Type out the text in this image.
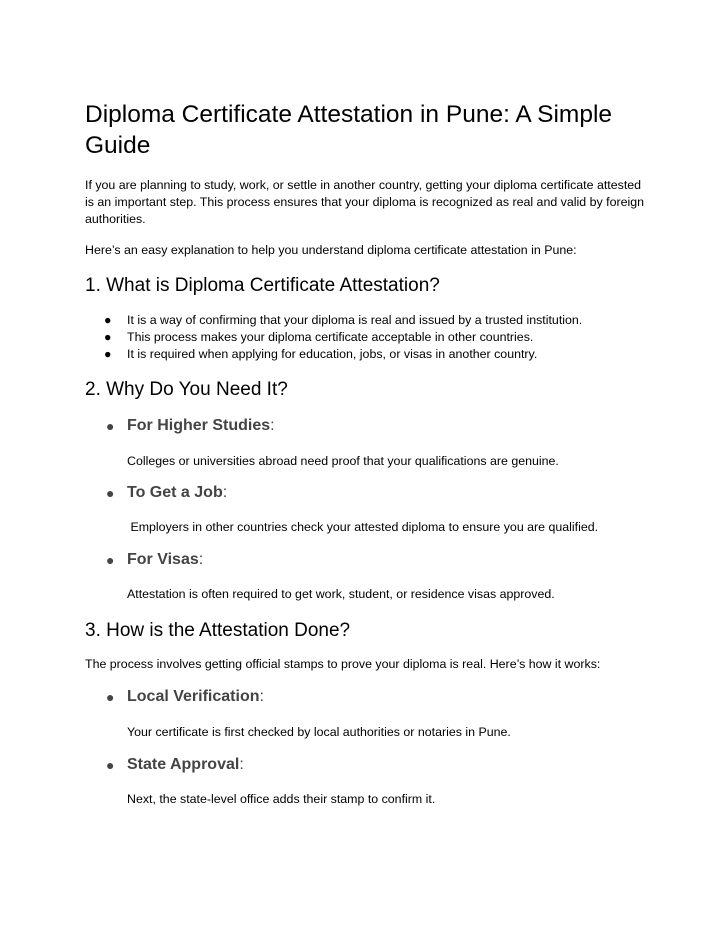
Diploma Certificate Attestation in Pune: A Simple Guide

If you are planning to study, work, or settle in another country, getting your diploma certificate attested is an important step. This process ensures that your diploma is recognized as real and valid by foreign authorities.

Here’s an easy explanation to help you understand diploma certificate attestation in Pune:

1. What is Diploma Certificate Attestation?
● It is a way of confirming that your diploma is real and issued by a trusted institution.
● This process makes your diploma certificate acceptable in other countries.
● It is required when applying for education, jobs, or visas in another country.
2. Why Do You Need It?
● For Higher Studies:
Colleges or universities abroad need proof that your qualifications are genuine.
● To Get a Job:
Employers in other countries check your attested diploma to ensure you are qualified.
● For Visas:
Attestation is often required to get work, student, or residence visas approved.
3. How is the Attestation Done?

The process involves getting official stamps to prove your diploma is real. Here’s how it works:

● Local Verification:
Your certificate is first checked by local authorities or notaries in Pune.
● State Approval:
Next, the state-level office adds their stamp to confirm it.
